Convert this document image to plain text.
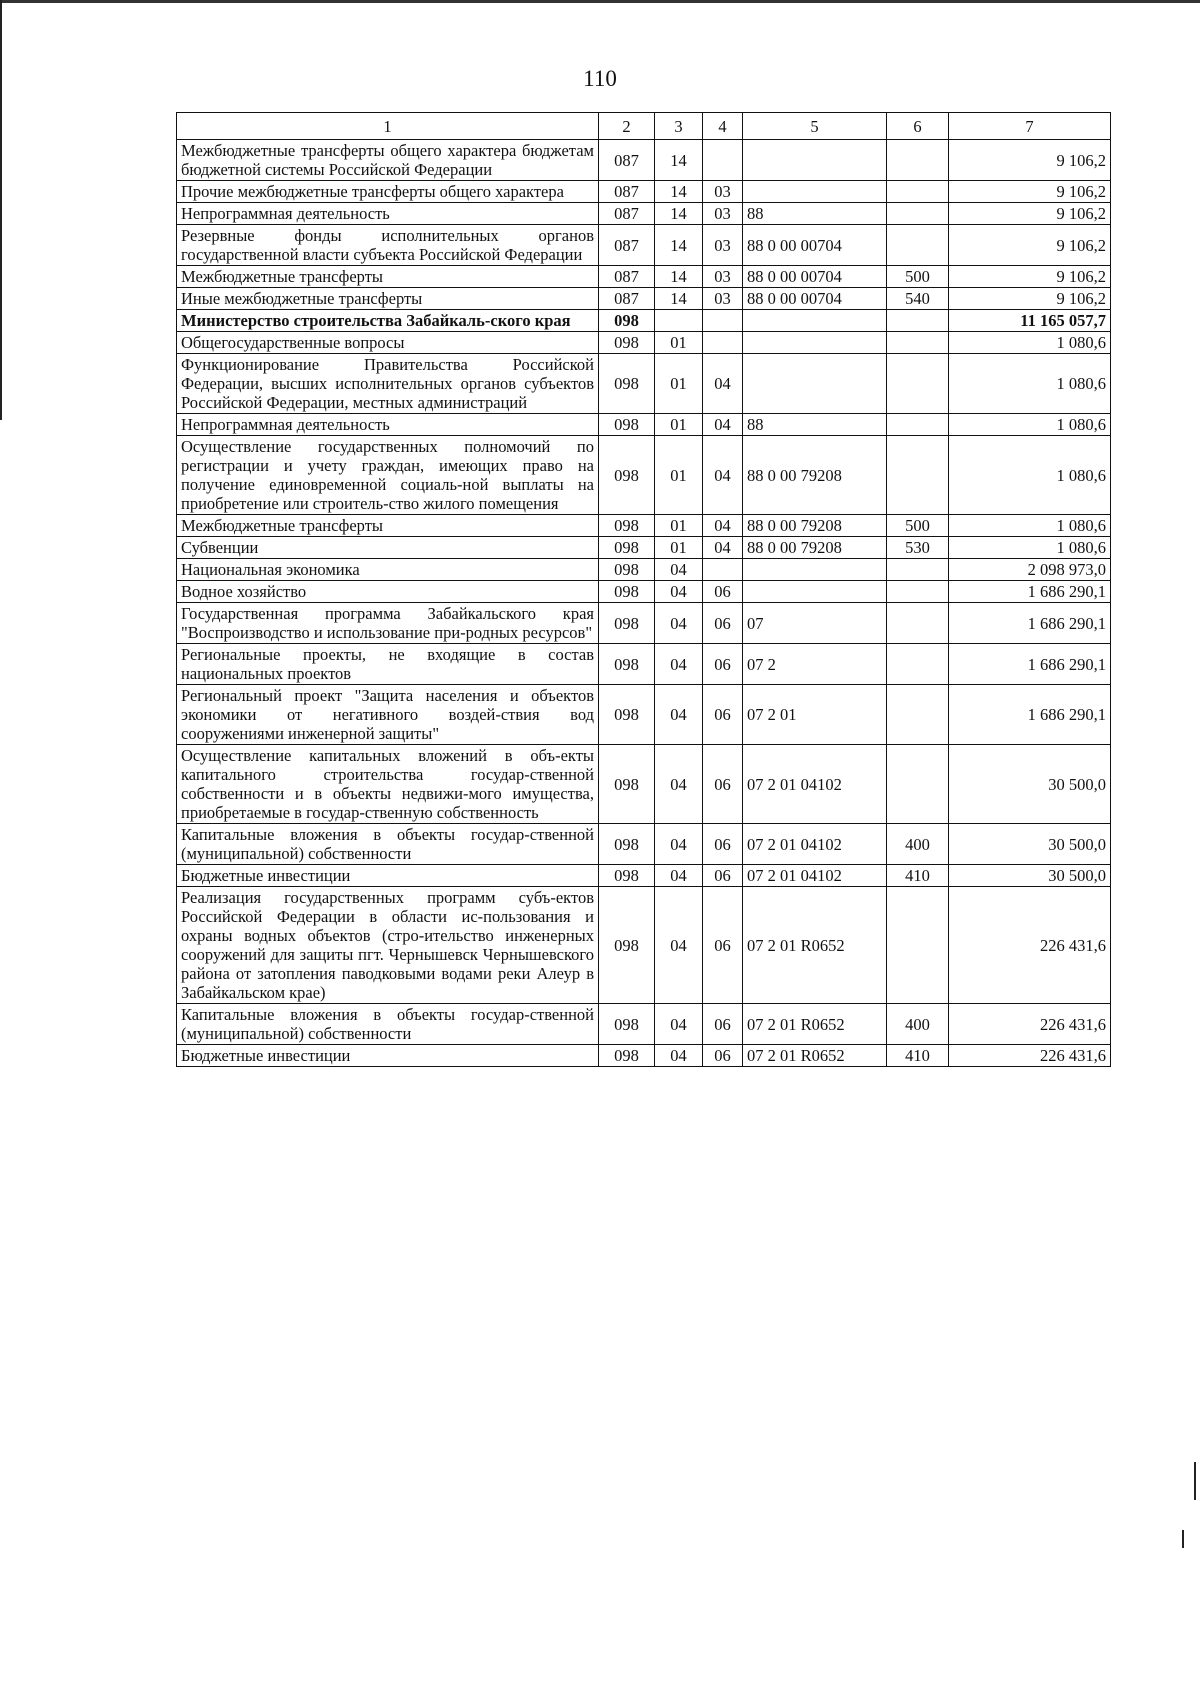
110
1	2	3	4	5	6	7
Межбюджетные трансферты общего характера бюджетам бюджетной системы Российской Федерации	087	14				9 106,2
Прочие межбюджетные трансферты общего характера	087	14	03			9 106,2
Непрограммная деятельность	087	14	03	88		9 106,2
Резервные фонды исполнительных органов государственной власти субъекта Российской Федерации	087	14	03	88 0 00 00704		9 106,2
Межбюджетные трансферты	087	14	03	88 0 00 00704	500	9 106,2
Иные межбюджетные трансферты	087	14	03	88 0 00 00704	540	9 106,2
Министерство строительства Забайкаль-ского края	098					11 165 057,7
Общегосударственные вопросы	098	01				1 080,6
Функционирование Правительства Российской Федерации, высших исполнительных органов субъектов Российской Федерации, местных администраций	098	01	04			1 080,6
Непрограммная деятельность	098	01	04	88		1 080,6
Осуществление государственных полномочий по регистрации и учету граждан, имеющих право на получение единовременной социаль-ной выплаты на приобретение или строитель-ство жилого помещения	098	01	04	88 0 00 79208		1 080,6
Межбюджетные трансферты	098	01	04	88 0 00 79208	500	1 080,6
Субвенции	098	01	04	88 0 00 79208	530	1 080,6
Национальная экономика	098	04				2 098 973,0
Водное хозяйство	098	04	06			1 686 290,1
Государственная программа Забайкальского края "Воспроизводство и использование при-родных ресурсов"	098	04	06	07		1 686 290,1
Региональные проекты, не входящие в состав национальных проектов	098	04	06	07 2		1 686 290,1
Региональный проект "Защита населения и объектов экономики от негативного воздей-ствия вод сооружениями инженерной защиты"	098	04	06	07 2 01		1 686 290,1
Осуществление капитальных вложений в объ-екты капитального строительства государ-ственной собственности и в объекты недвижи-мого имущества, приобретаемые в государ-ственную собственность	098	04	06	07 2 01 04102		30 500,0
Капитальные вложения в объекты государ-ственной (муниципальной) собственности	098	04	06	07 2 01 04102	400	30 500,0
Бюджетные инвестиции	098	04	06	07 2 01 04102	410	30 500,0
Реализация государственных программ субъ-ектов Российской Федерации в области ис-пользования и охраны водных объектов (стро-ительство инженерных сооружений для защиты пгт. Чернышевск Чернышевского района от затопления паводковыми водами реки Алеур в Забайкальском крае)	098	04	06	07 2 01 R0652		226 431,6
Капитальные вложения в объекты государ-ственной (муниципальной) собственности	098	04	06	07 2 01 R0652	400	226 431,6
Бюджетные инвестиции	098	04	06	07 2 01 R0652	410	226 431,6
